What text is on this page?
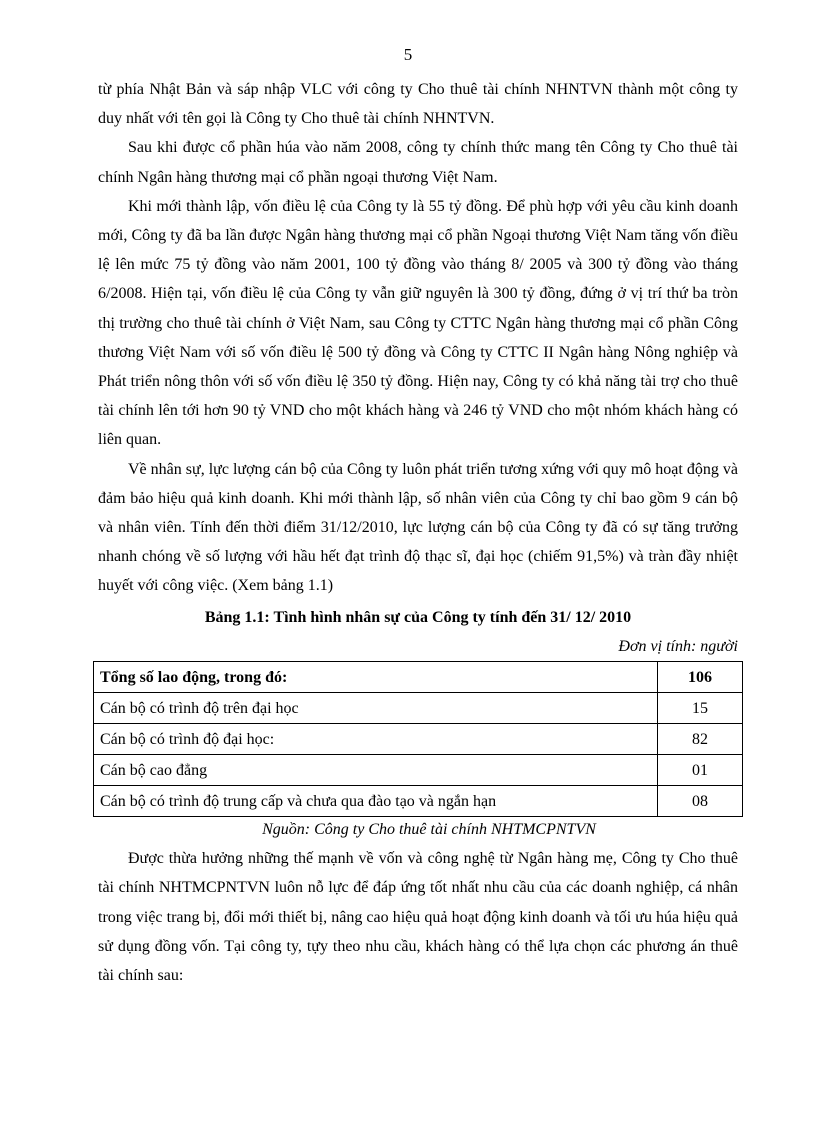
5

từ phía Nhật Bản và sáp nhập VLC với công ty Cho thuê tài chính NHNTVN thành một công ty duy nhất với tên gọi là Công ty Cho thuê tài chính NHNTVN.

Sau khi được cổ phần húa vào năm 2008, công ty chính thức mang tên Công ty Cho thuê tài chính Ngân hàng thương mại cổ phần ngoại thương Việt Nam.

Khi mới thành lập, vốn điều lệ của Công ty là 55 tỷ đồng. Để phù hợp với yêu cầu kinh doanh mới, Công ty đã ba lần được Ngân hàng thương mại cổ phần Ngoại thương Việt Nam tăng vốn điều lệ lên mức 75 tỷ đồng vào năm 2001, 100 tỷ đồng vào tháng 8/ 2005 và 300 tỷ đồng vào tháng 6/2008. Hiện tại, vốn điều lệ của Công ty vẫn giữ nguyên là 300 tỷ đồng, đứng ở vị trí thứ ba tròn thị trường cho thuê tài chính ở Việt Nam, sau Công ty CTTC Ngân hàng thương mại cổ phần Công thương Việt Nam với số vốn điều lệ 500 tỷ đồng và Công ty CTTC II Ngân hàng Nông nghiệp và Phát triển nông thôn với số vốn điều lệ 350 tỷ đồng. Hiện nay, Công ty có khả năng tài trợ cho thuê tài chính lên tới hơn 90 tỷ VND cho một khách hàng và 246 tỷ VND cho một nhóm khách hàng có liên quan.

Về nhân sự, lực lượng cán bộ của Công ty luôn phát triển tương xứng với quy mô hoạt động và đảm bảo hiệu quả kinh doanh. Khi mới thành lập, số nhân viên của Công ty chỉ bao gồm 9 cán bộ và nhân viên. Tính đến thời điểm 31/12/2010, lực lượng cán bộ của Công ty đã có sự tăng trưởng nhanh chóng về số lượng với hầu hết đạt trình độ thạc sĩ, đại học (chiếm 91,5%) và tràn đầy nhiệt huyết với công việc. (Xem bảng 1.1)

Bảng 1.1: Tình hình nhân sự của Công ty tính đến 31/ 12/ 2010

Đơn vị tính: người

Tổng số lao động, trong đó:	106
Cán bộ có trình độ trên đại học	15
Cán bộ có trình độ đại học:	82
Cán bộ cao đẳng	01
Cán bộ có trình độ trung cấp và chưa qua đào tạo và ngắn hạn	08

Nguồn: Công ty Cho thuê tài chính NHTMCPNTVN

Được thừa hưởng những thế mạnh về vốn và công nghệ từ Ngân hàng mẹ, Công ty Cho thuê tài chính NHTMCPNTVN luôn nỗ lực để đáp ứng tốt nhất nhu cầu của các doanh nghiệp, cá nhân trong việc trang bị, đổi mới thiết bị, nâng cao hiệu quả hoạt động kinh doanh và tối ưu húa hiệu quả sử dụng đồng vốn. Tại công ty, tựy theo nhu cầu, khách hàng có thể lựa chọn các phương án thuê tài chính sau:
